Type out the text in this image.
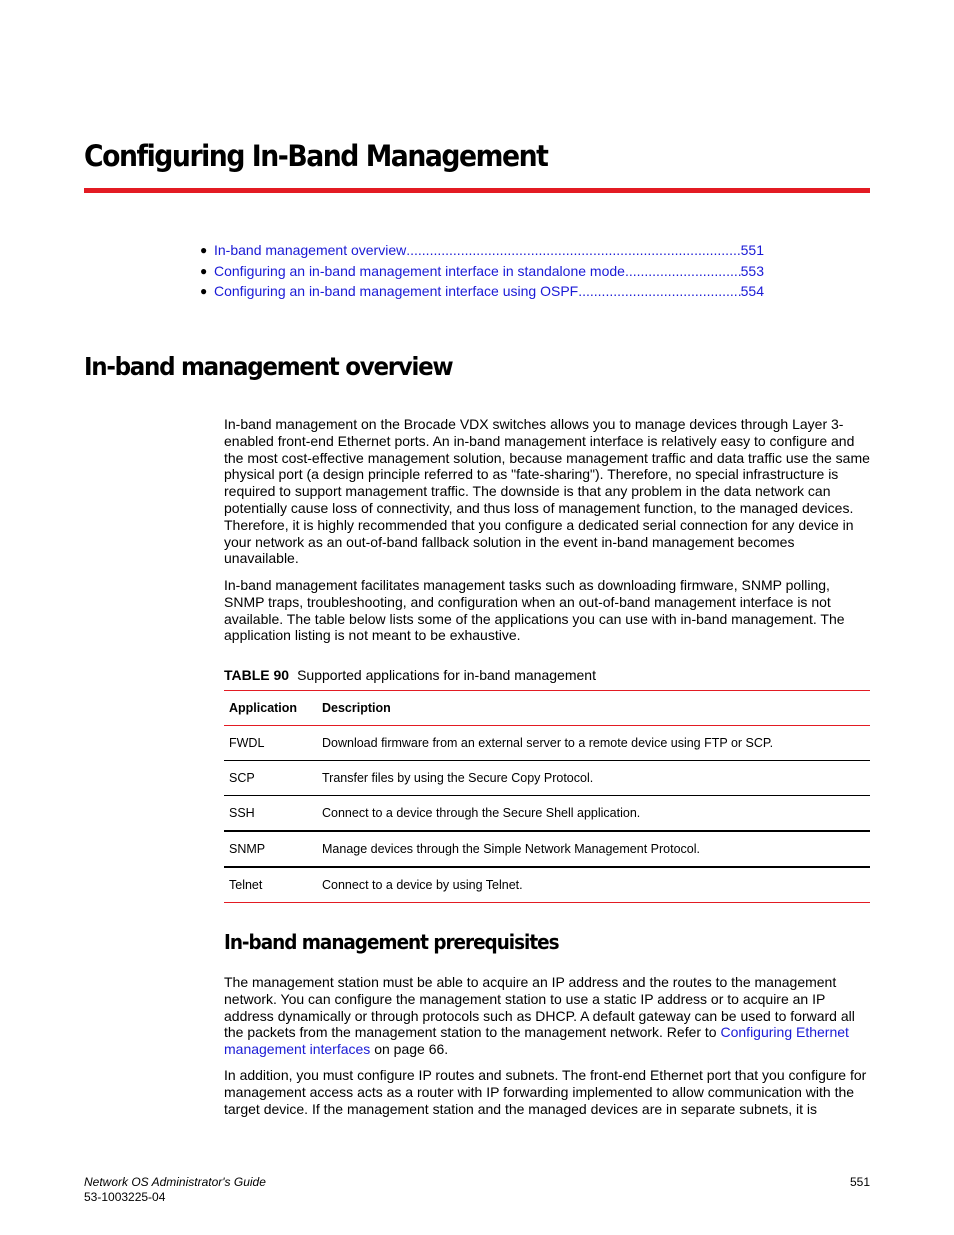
Configuring In-Band Management
● In-band management overview .....	551
● Configuring an in-band management interface in standalone mode .....	553
● Configuring an in-band management interface using OSPF .....	554
In-band management overview

In-band management on the Brocade VDX switches allows you to manage devices through Layer 3-enabled front-end Ethernet ports. An in-band management interface is relatively easy to configure and the most cost-effective management solution, because management traffic and data traffic use the same physical port (a design principle referred to as "fate-sharing"). Therefore, no special infrastructure is required to support management traffic. The downside is that any problem in the data network can potentially cause loss of connectivity, and thus loss of management function, to the managed devices. Therefore, it is highly recommended that you configure a dedicated serial connection for any device in your network as an out-of-band fallback solution in the event in-band management becomes unavailable.

In-band management facilitates management tasks such as downloading firmware, SNMP polling, SNMP traps, troubleshooting, and configuration when an out-of-band management interface is not available. The table below lists some of the applications you can use with in-band management. The application listing is not meant to be exhaustive.

TABLE 90 Supported applications for in-band management
Application	Description
FWDL	Download firmware from an external server to a remote device using FTP or SCP.
SCP	Transfer files by using the Secure Copy Protocol.
SSH	Connect to a device through the Secure Shell application.
SNMP	Manage devices through the Simple Network Management Protocol.
Telnet	Connect to a device by using Telnet.
In-band management prerequisites

The management station must be able to acquire an IP address and the routes to the management network. You can configure the management station to use a static IP address or to acquire an IP address dynamically or through protocols such as DHCP. A default gateway can be used to forward all the packets from the management station to the management network. Refer to Configuring Ethernet management interfaces on page 66.

In addition, you must configure IP routes and subnets. The front-end Ethernet port that you configure for management access acts as a router with IP forwarding implemented to allow communication with the target device. If the management station and the managed devices are in separate subnets, it is

Network OS Administrator's Guide
53-1003225-04
551
